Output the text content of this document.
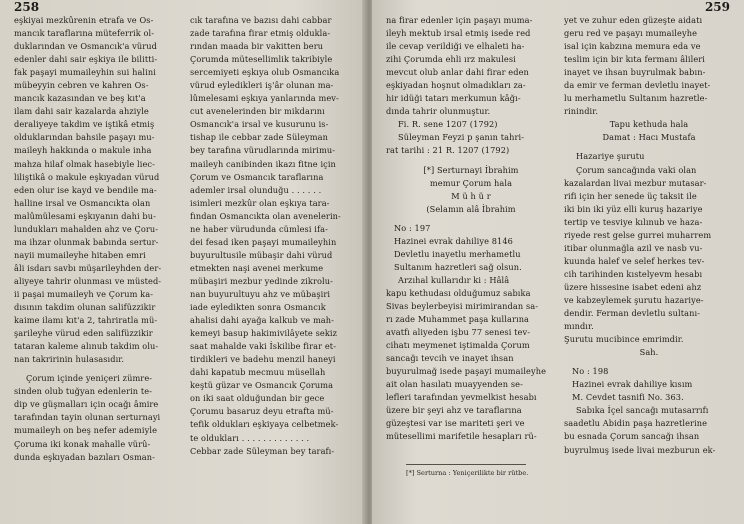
258
eşkiyai mezkûrenin etrafa ve Os-
mancık taraflarına müteferrik ol-
duklarından ve Osmancık'a vürud
edenler dahi sair eşkiya ile bilitti-
fak paşayi mumaileyhin sui halini
mübeyyin cebren ve kahren Os-
mancık kazasından ve beş kıt'a
ilam dahi sair kazalarda ahziyle
deraliyeye takdim ve iştikâ etmiş
olduklarından bahsile paşayı mu-
maileyh hakkında o makule inha
mahza hilaf olmak hasebiyle liec-
liliştikâ o makule eşkıyadan vürud
eden olur ise kayd ve bendile ma-
halline irsal ve Osmancıkta olan
malûmülesami eşkıyanın dahi bu-
lundukları mahalden ahz ve Çoru-
ma ihzar olunmak babında sertur-
nayii mumaileyhe hitaben emri
âli isdarı savbı müşarileyhden der-
aliyeye tahrir olunması ve müsted-
ii paşai mumaileyh ve Çorum ka-
dısının takdim olunan salifüzzikir
kaime ilamı kıt'a 2, tahriratla mü-
şarileyhe vürud eden salifüzzikir
tataran kaleme alınub takdim olu-
nan takririnin hulasasıdır.
Çorum içinde yeniçeri zümre-
sinden olub tuğyan edenlerin te-
dip ve güşmalları için ocağı âmire
tarafından tayin olunan serturnayi
mumaileyh on beş nefer ademiyle
Çoruma iki konak mahalle vürû-
dunda eşkıyadan bazıları Osman-
cık tarafına ve bazısı dahi cabbar
zade tarafına firar etmiş oldukla-
rından maada bir vakitten beru
Çorumda mütesellimlik takribiyle
sercemiyeti eşkıya olub Osmancıka
vürud eyledikleri iş'âr olunan ma-
lûmelesami eşkıya yanlarında mev-
cut avenelerinden bir mikdarını
Osmancık'a irsal ve kusurunu is-
tishap ile cebbar zade Süleyman
bey tarafına vürudlarında mirimu-
maileyh canibinden ikazı fitne için
Çorum ve Osmancık taraflarına
ademler irsal olunduğu . . . . . .
isimleri mezkûr olan eşkıya tara-
fından Osmancıkta olan avenelerin-
ne haber vürudunda cümlesi ifa-
dei fesad iken paşayi mumaileyhin
buyurultusile mübaşir dahi vürud
etmekten naşi avenei merkume
mübaşiri mezbur yedinde zikrolu-
nan buyurultuyu ahz ve mübaşiri
iade eyledikten sonra Osmancık
ahalisi dahi ayağa kalkub ve mah-
kemeyi basup hakimivilâyete sekiz
saat mahalde vaki İskilibe firar et-
tirdikleri ve badehu menzil haneyi
dahi kapatub mecmuu müsellah
keştü güzar ve Osmancık Çoruma
on iki saat olduğundan bir gece
Çorumu basaruz deyu etrafta mü-
tefik oldukları eşkiyaya celbetmek-
te oldukları . . . . . . . . . . . . .
Cebbar zade Süleyman bey tarafı-
259
na firar edenler için paşayı muma-
ileyh mektub irsal etmiş isede red
ile cevap verildiği ve elhaleti ha-
zihi Çorumda ehli ırz makulesi
mevcut olub anlar dahi firar eden
eşkiyadan hoşnut olmadıkları za-
hir idüği tatarı merkumun kâğı-
dında tahrir olunmuştur.
Fi. R. sene 1207 (1792)
Süleyman Feyzi p şanın tahri-
rat tarihi : 21 R. 1207 (1792)
[*] Serturnayi İbrahim
memur Çorum hala
M ü h ü r
(Selamın alâ İbrahim
No : 197
Hazinei evrak dahiliye 8146
Devletlu inayetlu merhametlu
Sultanım hazretleri sağ olsun.
Arzıhal kullarıdır ki : Hâlâ
kapu kethudası olduğumuz sabıka
Sivas beylerbeyisi mirimirandan sa-
rı zade Muhammet paşa kullarına
avatfı aliyeden işbu 77 senesi tev-
cihatı meymenet iştimalda Çorum
sancağı tevcih ve inayet ihsan
buyurulmağ isede paşayi mumaileyhe
ait olan hasılatı muayyenden se-
lefleri tarafından yevmelkist hesabı
üzere bir şeyi ahz ve taraflarına
güzeştesi var ise mariteti şeri ve
mütesellimi marifetile hesapları rü-
yet ve zuhur eden güzeşte aidatı
geru red ve paşayı mumaileyhe
isal için kabzına memura eda ve
teslim için bir kıta fermanı âlileri
inayet ve ihsan buyrulmak babın-
da emir ve ferman devletlu inayet-
lu merhametlu Sultanım hazretle-
rinindir.
Tapu kethuda hala
Damat : Hacı Mustafa
Hazariye şurutu
Çorum sancağında vaki olan
kazalardan livai mezbur mutasar-
rifi için her senede üç taksit ile
iki bin iki yüz elli kuruş hazariye
tertip ve tesviye kılınub ve haza-
riyede rest gelse gurrei muharrem
itibar olunmağla azil ve nasb vu-
kuunda halef ve selef herkes tev-
cih tarihinden kıstelyevm hesabı
üzere hissesine isabet edeni ahz
ve kabzeylemek şurutu hazariye-
dendir. Ferman devletlu sultanı-
mındır.
Şurutu mucibince emrimdir.
Sah.
No : 198
Hazinei evrak dahiliye kısım
M. Cevdet tasnifi No. 363.
Sabıka İçel sancağı mutasarrıfı
saadetlu Abidin paşa hazretlerine
bu esnada Çorum sancağı ihsan
buyrulmuş isede livai mezburun ek-
[*] Serturna : Yeniçerilikte bir rütbe.
